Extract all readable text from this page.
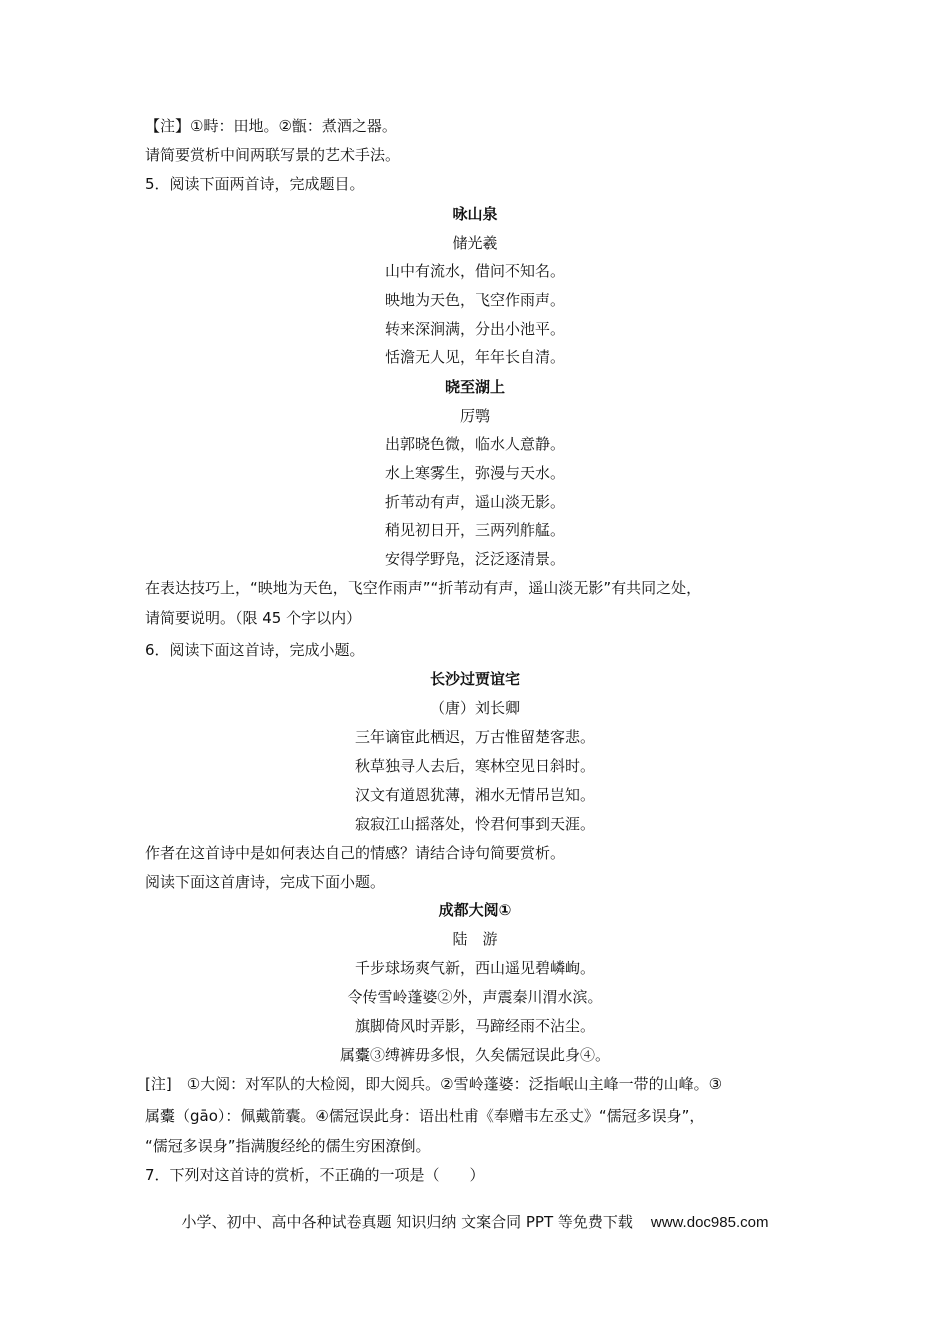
【注】①畤：田地。②甑：煮酒之器。
请简要赏析中间两联写景的艺术手法。
5．阅读下面两首诗，完成题目。
咏山泉
储光羲
山中有流水，借问不知名。
映地为天色，飞空作雨声。
转来深涧满，分出小池平。
恬澹无人见，年年长自清。
晓至湖上
厉鹗
出郭晓色微，临水人意静。
水上寒雾生，弥漫与天水。
折苇动有声，遥山淡无影。
稍见初日开，三两列舴艋。
安得学野凫，泛泛逐清景。
在表达技巧上，“映地为天色，飞空作雨声”“折苇动有声，遥山淡无影”有共同之处，
请简要说明。（限 45 个字以内）
6．阅读下面这首诗，完成小题。
长沙过贾谊宅
（唐）刘长卿
三年谪宦此栖迟，万古惟留楚客悲。
秋草独寻人去后，寒林空见日斜时。
汉文有道恩犹薄，湘水无情吊岂知。
寂寂江山摇落处，怜君何事到天涯。
作者在这首诗中是如何表达自己的情感？请结合诗句简要赏析。
阅读下面这首唐诗，完成下面小题。
成都大阅①
陆　游
千步球场爽气新，西山遥见碧嶙峋。
令传雪岭蓬婆②外，声震秦川渭水滨。
旗脚倚风时弄影，马蹄经雨不沾尘。
属櫜③缚裤毋多恨，久矣儒冠误此身④。
[注]　①大阅：对军队的大检阅，即大阅兵。②雪岭蓬婆：泛指岷山主峰一带的山峰。③
属櫜（gāo）：佩戴箭囊。④儒冠误此身：语出杜甫《奉赠韦左丞丈》“儒冠多误身”，
“儒冠多误身”指满腹经纶的儒生穷困潦倒。
7．下列对这首诗的赏析，不正确的一项是（　　）
小学、初中、高中各种试卷真题 知识归纳 文案合同 PPT 等免费下载 www.doc985.com
